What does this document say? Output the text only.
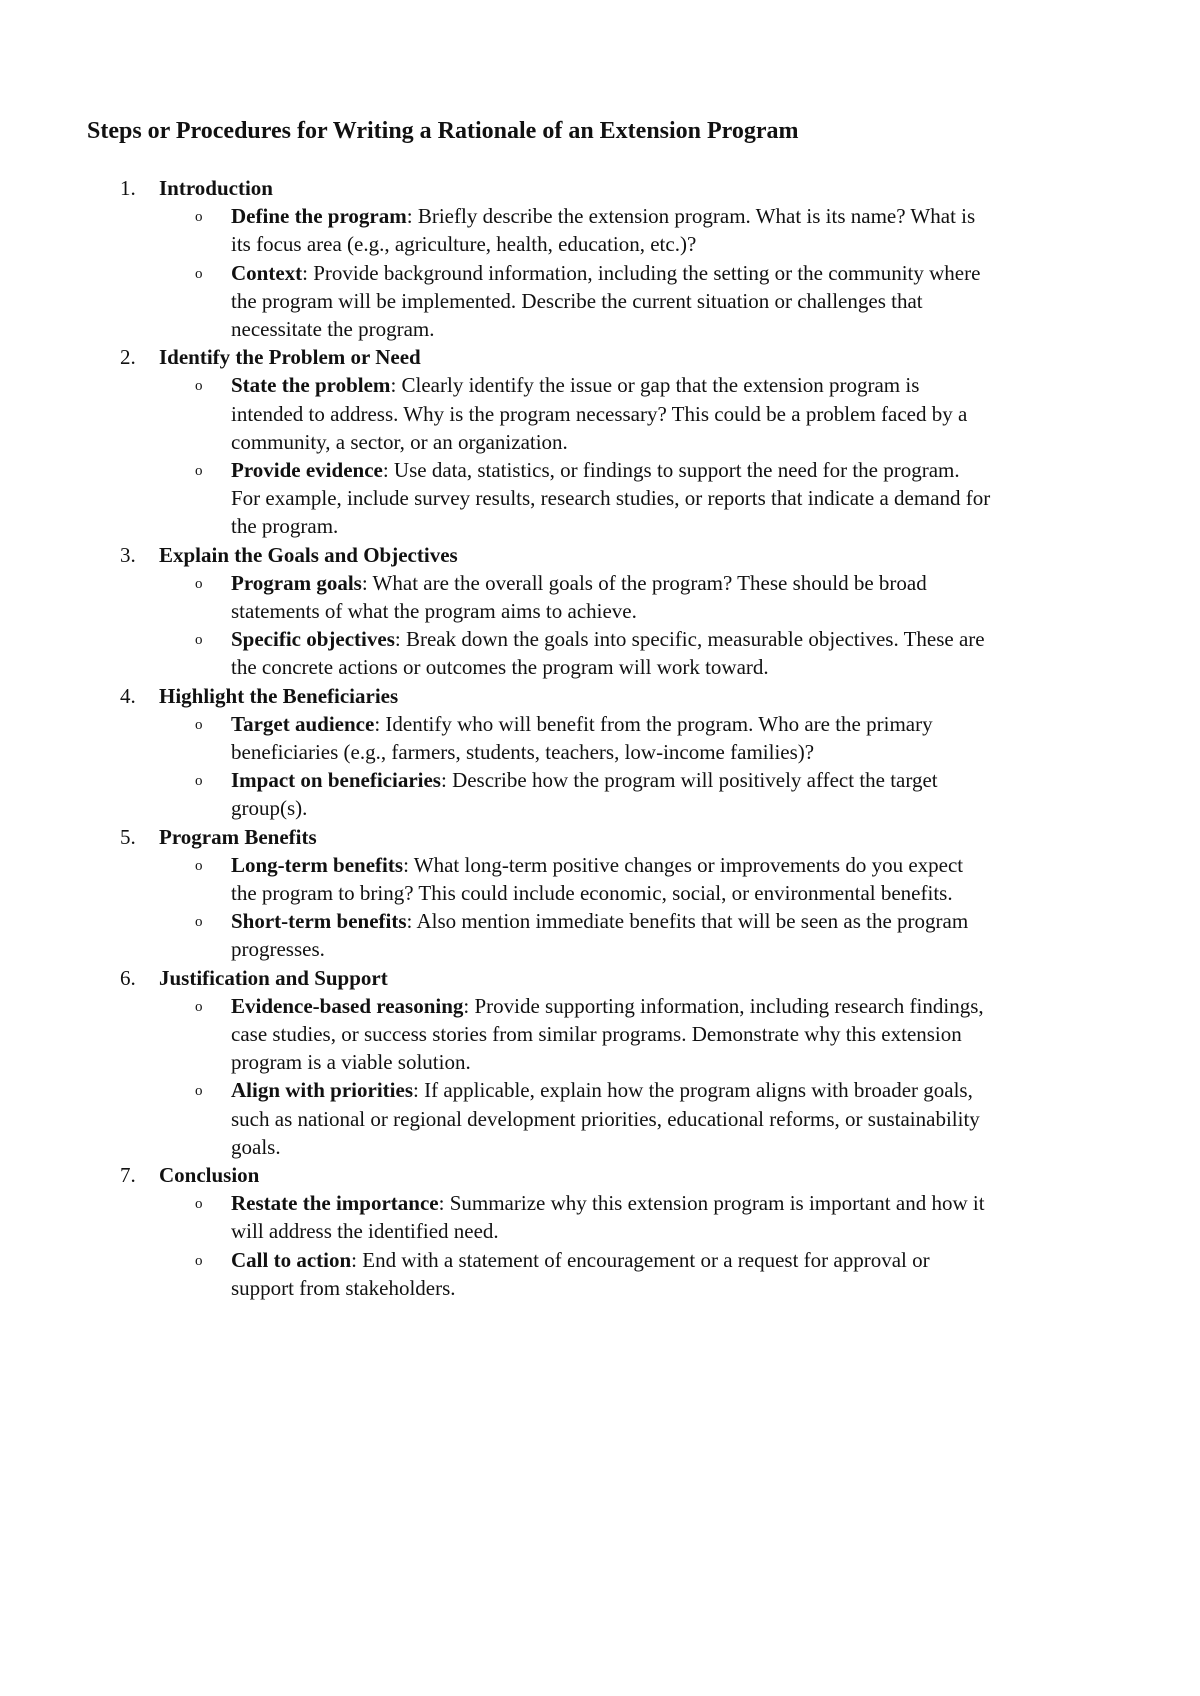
Steps or Procedures for Writing a Rationale of an Extension Program
1. Introduction
o Define the program: Briefly describe the extension program. What is its name? What is its focus area (e.g., agriculture, health, education, etc.)?
o Context: Provide background information, including the setting or the community where the program will be implemented. Describe the current situation or challenges that necessitate the program.
2. Identify the Problem or Need
o State the problem: Clearly identify the issue or gap that the extension program is intended to address. Why is the program necessary? This could be a problem faced by a community, a sector, or an organization.
o Provide evidence: Use data, statistics, or findings to support the need for the program. For example, include survey results, research studies, or reports that indicate a demand for the program.
3. Explain the Goals and Objectives
o Program goals: What are the overall goals of the program? These should be broad statements of what the program aims to achieve.
o Specific objectives: Break down the goals into specific, measurable objectives. These are the concrete actions or outcomes the program will work toward.
4. Highlight the Beneficiaries
o Target audience: Identify who will benefit from the program. Who are the primary beneficiaries (e.g., farmers, students, teachers, low-income families)?
o Impact on beneficiaries: Describe how the program will positively affect the target group(s).
5. Program Benefits
o Long-term benefits: What long-term positive changes or improvements do you expect the program to bring? This could include economic, social, or environmental benefits.
o Short-term benefits: Also mention immediate benefits that will be seen as the program progresses.
6. Justification and Support
o Evidence-based reasoning: Provide supporting information, including research findings, case studies, or success stories from similar programs. Demonstrate why this extension program is a viable solution.
o Align with priorities: If applicable, explain how the program aligns with broader goals, such as national or regional development priorities, educational reforms, or sustainability goals.
7. Conclusion
o Restate the importance: Summarize why this extension program is important and how it will address the identified need.
o Call to action: End with a statement of encouragement or a request for approval or support from stakeholders.
